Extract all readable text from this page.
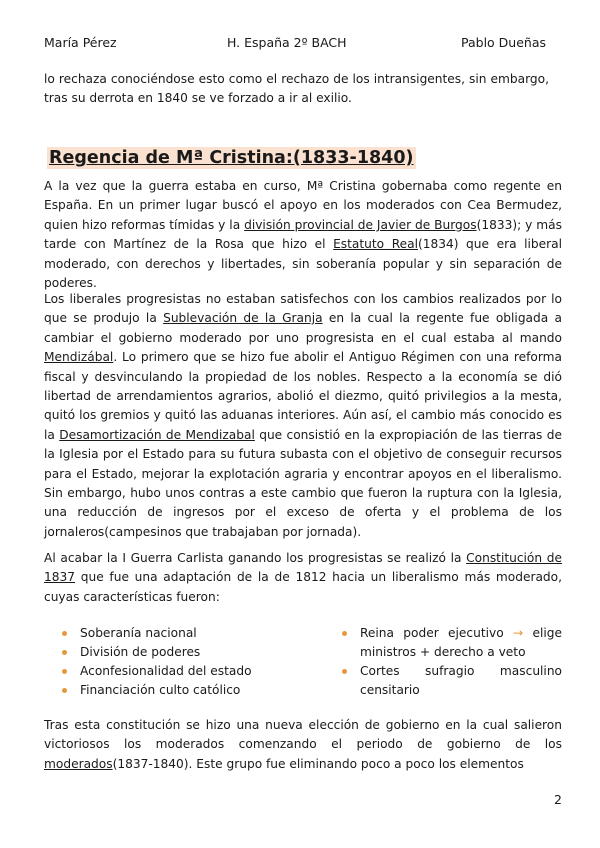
María Pérez	H. España 2º BACH	Pablo Dueñas
lo rechaza conociéndose esto como el rechazo de los intransigentes, sin embargo, tras su derrota en 1840 se ve forzado a ir al exilio.
Regencia de Mª Cristina:(1833-1840)
A la vez que la guerra estaba en curso, Mª Cristina gobernaba como regente en España. En un primer lugar buscó el apoyo en los moderados con Cea Bermudez, quien hizo reformas tímidas y la división provincial de Javier de Burgos(1833); y más tarde con Martínez de la Rosa que hizo el Estatuto Real(1834) que era liberal moderado, con derechos y libertades, sin soberanía popular y sin separación de poderes.
Los liberales progresistas no estaban satisfechos con los cambios realizados por lo que se produjo la Sublevación de la Granja en la cual la regente fue obligada a cambiar el gobierno moderado por uno progresista en el cual estaba al mando Mendizábal. Lo primero que se hizo fue abolir el Antiguo Régimen con una reforma fiscal y desvinculando la propiedad de los nobles. Respecto a la economía se dió libertad de arrendamientos agrarios, abolió el diezmo, quitó privilegios a la mesta, quitó los gremios y quitó las aduanas interiores. Aún así, el cambio más conocido es la Desamortización de Mendizabal que consistió en la expropiación de las tierras de la Iglesia por el Estado para su futura subasta con el objetivo de conseguir recursos para el Estado, mejorar la explotación agraria y encontrar apoyos en el liberalismo. Sin embargo, hubo unos contras a este cambio que fueron la ruptura con la Iglesia, una reducción de ingresos por el exceso de oferta y el problema de los jornaleros(campesinos que trabajaban por jornada).
Al acabar la I Guerra Carlista ganando los progresistas se realizó la Constitución de 1837 que fue una adaptación de la de 1812 hacia un liberalismo más moderado, cuyas características fueron:
Soberanía nacional
División de poderes
Aconfesionalidad del estado
Financiación culto católico
Reina poder ejecutivo → elige ministros + derecho a veto
Cortes sufragio masculino censitario
Tras esta constitución se hizo una nueva elección de gobierno en la cual salieron victoriosos los moderados comenzando el periodo de gobierno de los moderados(1837-1840). Este grupo fue eliminando poco a poco los elementos
2
